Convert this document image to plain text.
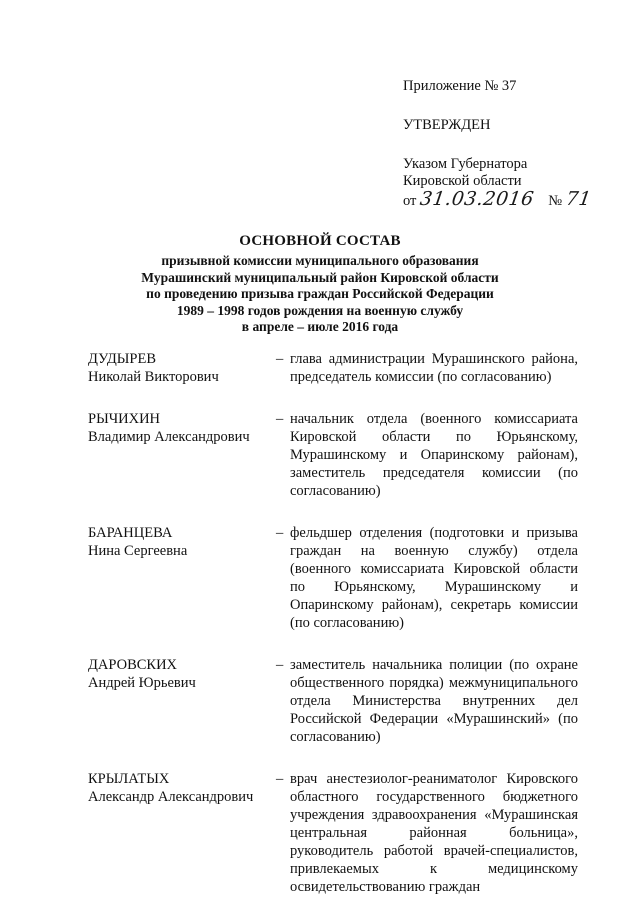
Приложение № 37
УТВЕРЖДЕН
Указом Губернатора
Кировской области
от 31.03.2016 № 71
ОСНОВНОЙ СОСТАВ
призывной комиссии муниципального образования
Мурашинский муниципальный район Кировской области
по проведению призыва граждан Российской Федерации
1989 – 1998 годов рождения на военную службу
в апреле – июле 2016 года
ДУДЫРЕВ
Николай Викторович
– глава администрации Мурашинского района, председатель комиссии (по согласованию)
РЫЧИХИН
Владимир Александрович
– начальник отдела (военного комиссариата Кировской области по Юрьянскому, Мурашинскому и Опаринскому районам), заместитель председателя комиссии (по согласованию)
БАРАНЦЕВА
Нина Сергеевна
– фельдшер отделения (подготовки и призыва граждан на военную службу) отдела (военного комиссариата Кировской области по Юрьянскому, Мурашинскому и Опаринскому районам), секретарь комиссии (по согласованию)
ДАРОВСКИХ
Андрей Юрьевич
– заместитель начальника полиции (по охране общественного порядка) межмуниципального отдела Министерства внутренних дел Российской Федерации «Мурашинский» (по согласованию)
КРЫЛАТЫХ
Александр Александрович
– врач анестезиолог-реаниматолог Кировского областного государственного бюджетного учреждения здравоохранения «Мурашинская центральная районная больница», руководитель работой врачей-специалистов, привлекаемых к медицинскому освидетельствованию граждан
